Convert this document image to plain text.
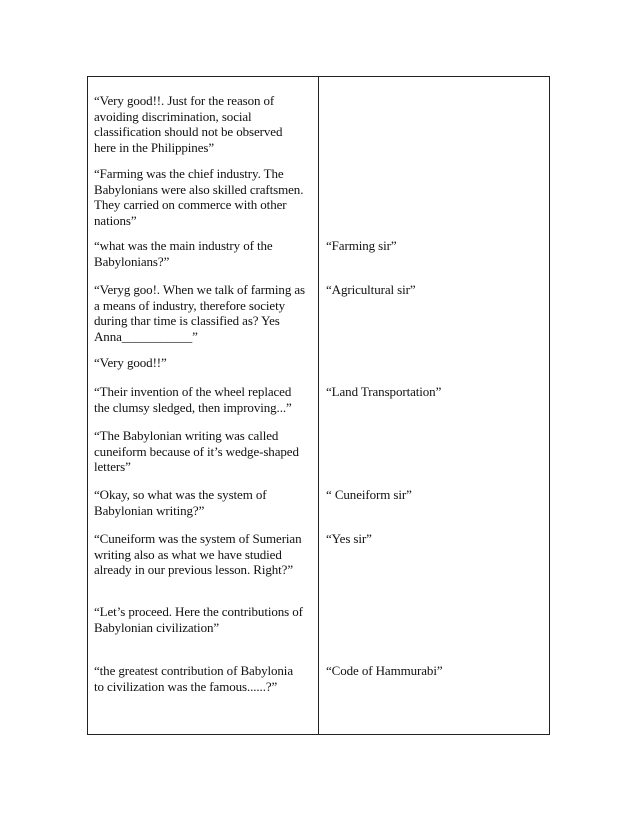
“Very good!!. Just for the reason of
avoiding discrimination, social
classification should not be observed
here in the Philippines”

“Farming was the chief industry. The
Babylonians were also skilled craftsmen.
They carried on commerce with other
nations”

“what was the main industry of the
Babylonians?”

“Veryg goo!. When we talk of farming as
a means of industry, therefore society
during thar time is classified as? Yes
Anna___________”

“Very good!!”

“Their invention of the wheel replaced
the clumsy sledged, then improving...”

“The Babylonian writing was called
cuneiform because of it’s wedge-shaped
letters”

“Okay, so what was the system of
Babylonian writing?”

“Cuneiform was the system of Sumerian
writing also as what we have studied
already in our previous lesson. Right?”

“Let’s proceed. Here the contributions of
Babylonian civilization”

“the greatest contribution of Babylonia
to civilization was the famous......?”

“Farming sir”

“Agricultural sir”

“Land Transportation”

“ Cuneiform sir”

“Yes sir”

“Code of Hammurabi”
